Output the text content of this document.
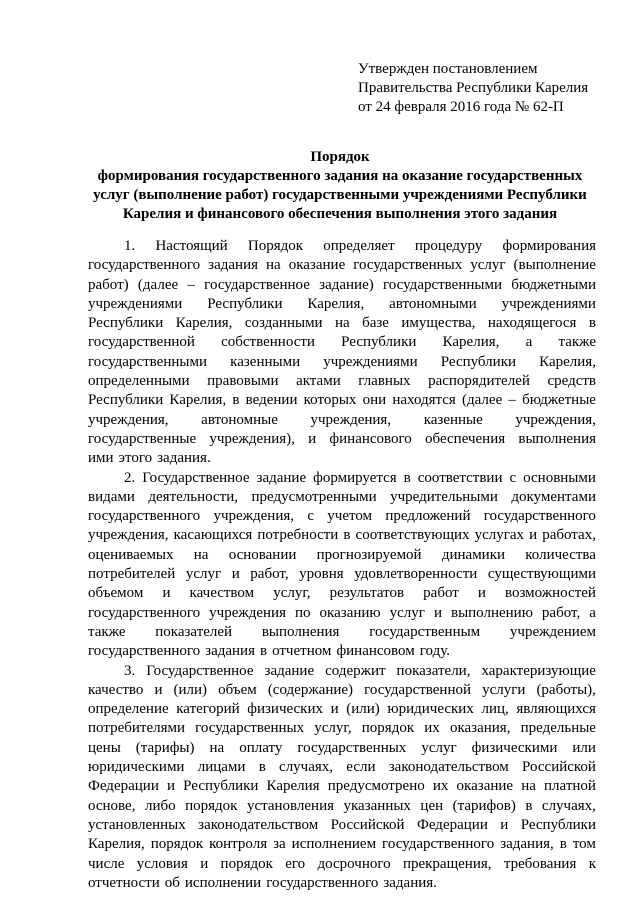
Утвержден постановлением
Правительства Республики Карелия
от 24 февраля 2016 года № 62-П
Порядок
формирования государственного задания на оказание государственных
услуг (выполнение работ) государственными учреждениями Республики
Карелия и финансового обеспечения выполнения этого задания
1. Настоящий Порядок определяет процедуру формирования
государственного задания на оказание государственных услуг (выполнение
работ) (далее – государственное задание) государственными бюджетными
учреждениями Республики Карелия, автономными учреждениями
Республики Карелия, созданными на базе имущества, находящегося в
государственной собственности Республики Карелия, а также
государственными казенными учреждениями Республики Карелия,
определенными правовыми актами главных распорядителей средств
Республики Карелия, в ведении которых они находятся (далее – бюджетные
учреждения, автономные учреждения, казенные учреждения,
государственные учреждения), и финансового обеспечения выполнения
ими этого задания.
2. Государственное задание формируется в соответствии с основными
видами деятельности, предусмотренными учредительными документами
государственного учреждения, с учетом предложений государственного
учреждения, касающихся потребности в соответствующих услугах и работах,
оцениваемых на основании прогнозируемой динамики количества
потребителей услуг и работ, уровня удовлетворенности существующими
объемом и качеством услуг, результатов работ и возможностей
государственного учреждения по оказанию услуг и выполнению работ, а
также показателей выполнения государственным учреждением
государственного задания в отчетном финансовом году.
3. Государственное задание содержит показатели, характеризующие
качество и (или) объем (содержание) государственной услуги (работы),
определение категорий физических и (или) юридических лиц, являющихся
потребителями государственных услуг, порядок их оказания, предельные
цены (тарифы) на оплату государственных услуг физическими или
юридическими лицами в случаях, если законодательством Российской
Федерации и Республики Карелия предусмотрено их оказание на платной
основе, либо порядок установления указанных цен (тарифов) в случаях,
установленных законодательством Российской Федерации и Республики
Карелия, порядок контроля за исполнением государственного задания, в том
числе условия и порядок его досрочного прекращения, требования к
отчетности об исполнении государственного задания.
